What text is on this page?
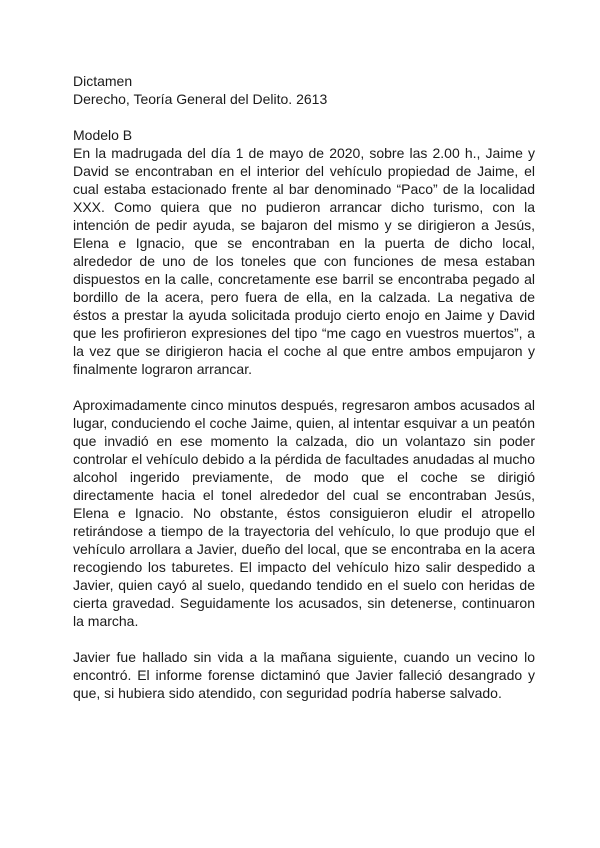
Dictamen

Derecho, Teoría General del Delito. 2613

Modelo B

En la madrugada del día 1 de mayo de 2020, sobre las 2.00 h., Jaime y David se encontraban en el interior del vehículo propiedad de Jaime, el cual estaba estacionado frente al bar denominado “Paco” de la localidad XXX. Como quiera que no pudieron arrancar dicho turismo, con la intención de pedir ayuda, se bajaron del mismo y se dirigieron a Jesús, Elena e Ignacio, que se encontraban en la puerta de dicho local, alrededor de uno de los toneles que con funciones de mesa estaban dispuestos en la calle, concretamente ese barril se encontraba pegado al bordillo de la acera, pero fuera de ella, en la calzada. La negativa de éstos a prestar la ayuda solicitada produjo cierto enojo en Jaime y David que les profirieron expresiones del tipo “me cago en vuestros muertos”, a la vez que se dirigieron hacia el coche al que entre ambos empujaron y finalmente lograron arrancar.

Aproximadamente cinco minutos después, regresaron ambos acusados al lugar, conduciendo el coche Jaime, quien, al intentar esquivar a un peatón que invadió en ese momento la calzada, dio un volantazo sin poder controlar el vehículo debido a la pérdida de facultades anudadas al mucho alcohol ingerido previamente, de modo que el coche se dirigió directamente hacia el tonel alrededor del cual se encontraban Jesús, Elena e Ignacio. No obstante, éstos consiguieron eludir el atropello retirándose a tiempo de la trayectoria del vehículo, lo que produjo que el vehículo arrollara a Javier, dueño del local, que se encontraba en la acera recogiendo los taburetes. El impacto del vehículo hizo salir despedido a Javier, quien cayó al suelo, quedando tendido en el suelo con heridas de cierta gravedad. Seguidamente los acusados, sin detenerse, continuaron la marcha.

Javier fue hallado sin vida a la mañana siguiente, cuando un vecino lo encontró. El informe forense dictaminó que Javier falleció desangrado y que, si hubiera sido atendido, con seguridad podría haberse salvado.
